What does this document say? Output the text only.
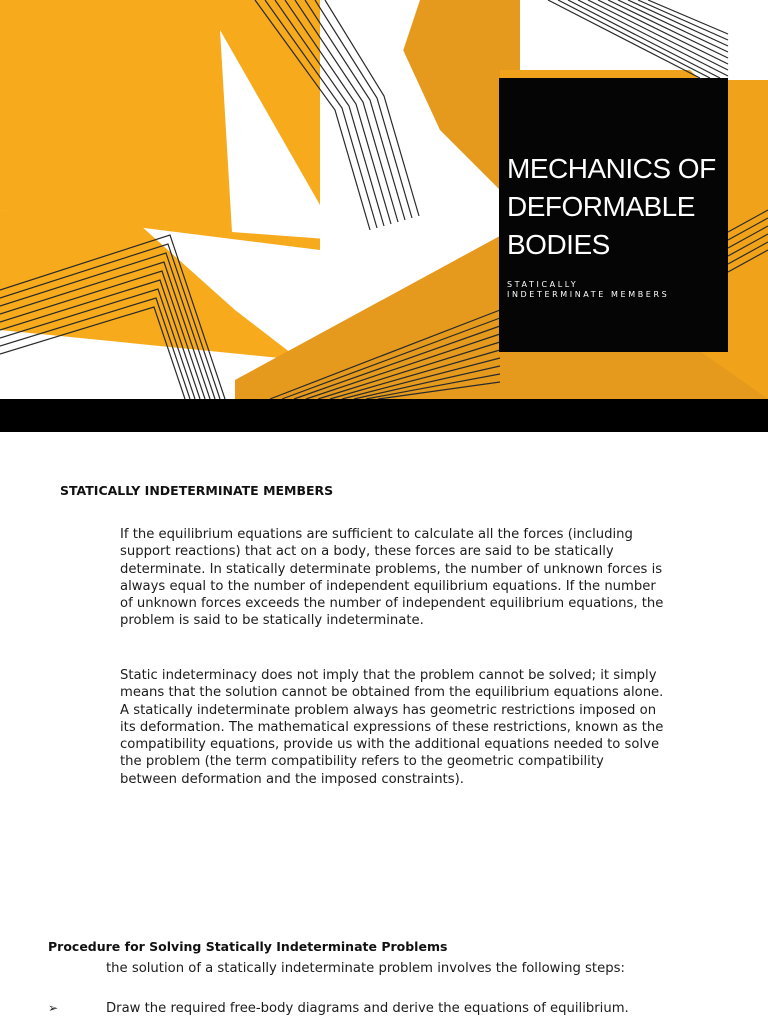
MECHANICS OF
DEFORMABLE
BODIES

STATICALLY INDETERMINATE MEMBERS
STATICALLY INDETERMINATE MEMBERS

If the equilibrium equations are sufficient to calculate all the forces (including support reactions) that act on a body, these forces are said to be statically determinate. In statically determinate problems, the number of unknown forces is always equal to the number of independent equilibrium equations. If the number of unknown forces exceeds the number of independent equilibrium equations, the problem is said to be statically indeterminate.

Static indeterminacy does not imply that the problem cannot be solved; it simply means that the solution cannot be obtained from the equilibrium equations alone. A statically indeterminate problem always has geometric restrictions imposed on its deformation. The mathematical expressions of these restrictions, known as the compatibility equations, provide us with the additional equations needed to solve the problem (the term compatibility refers to the geometric compatibility between deformation and the imposed constraints).

Procedure for Solving Statically Indeterminate Problems
the solution of a statically indeterminate problem involves the following steps:
➢	Draw the required free-body diagrams and derive the equations of equilibrium.
